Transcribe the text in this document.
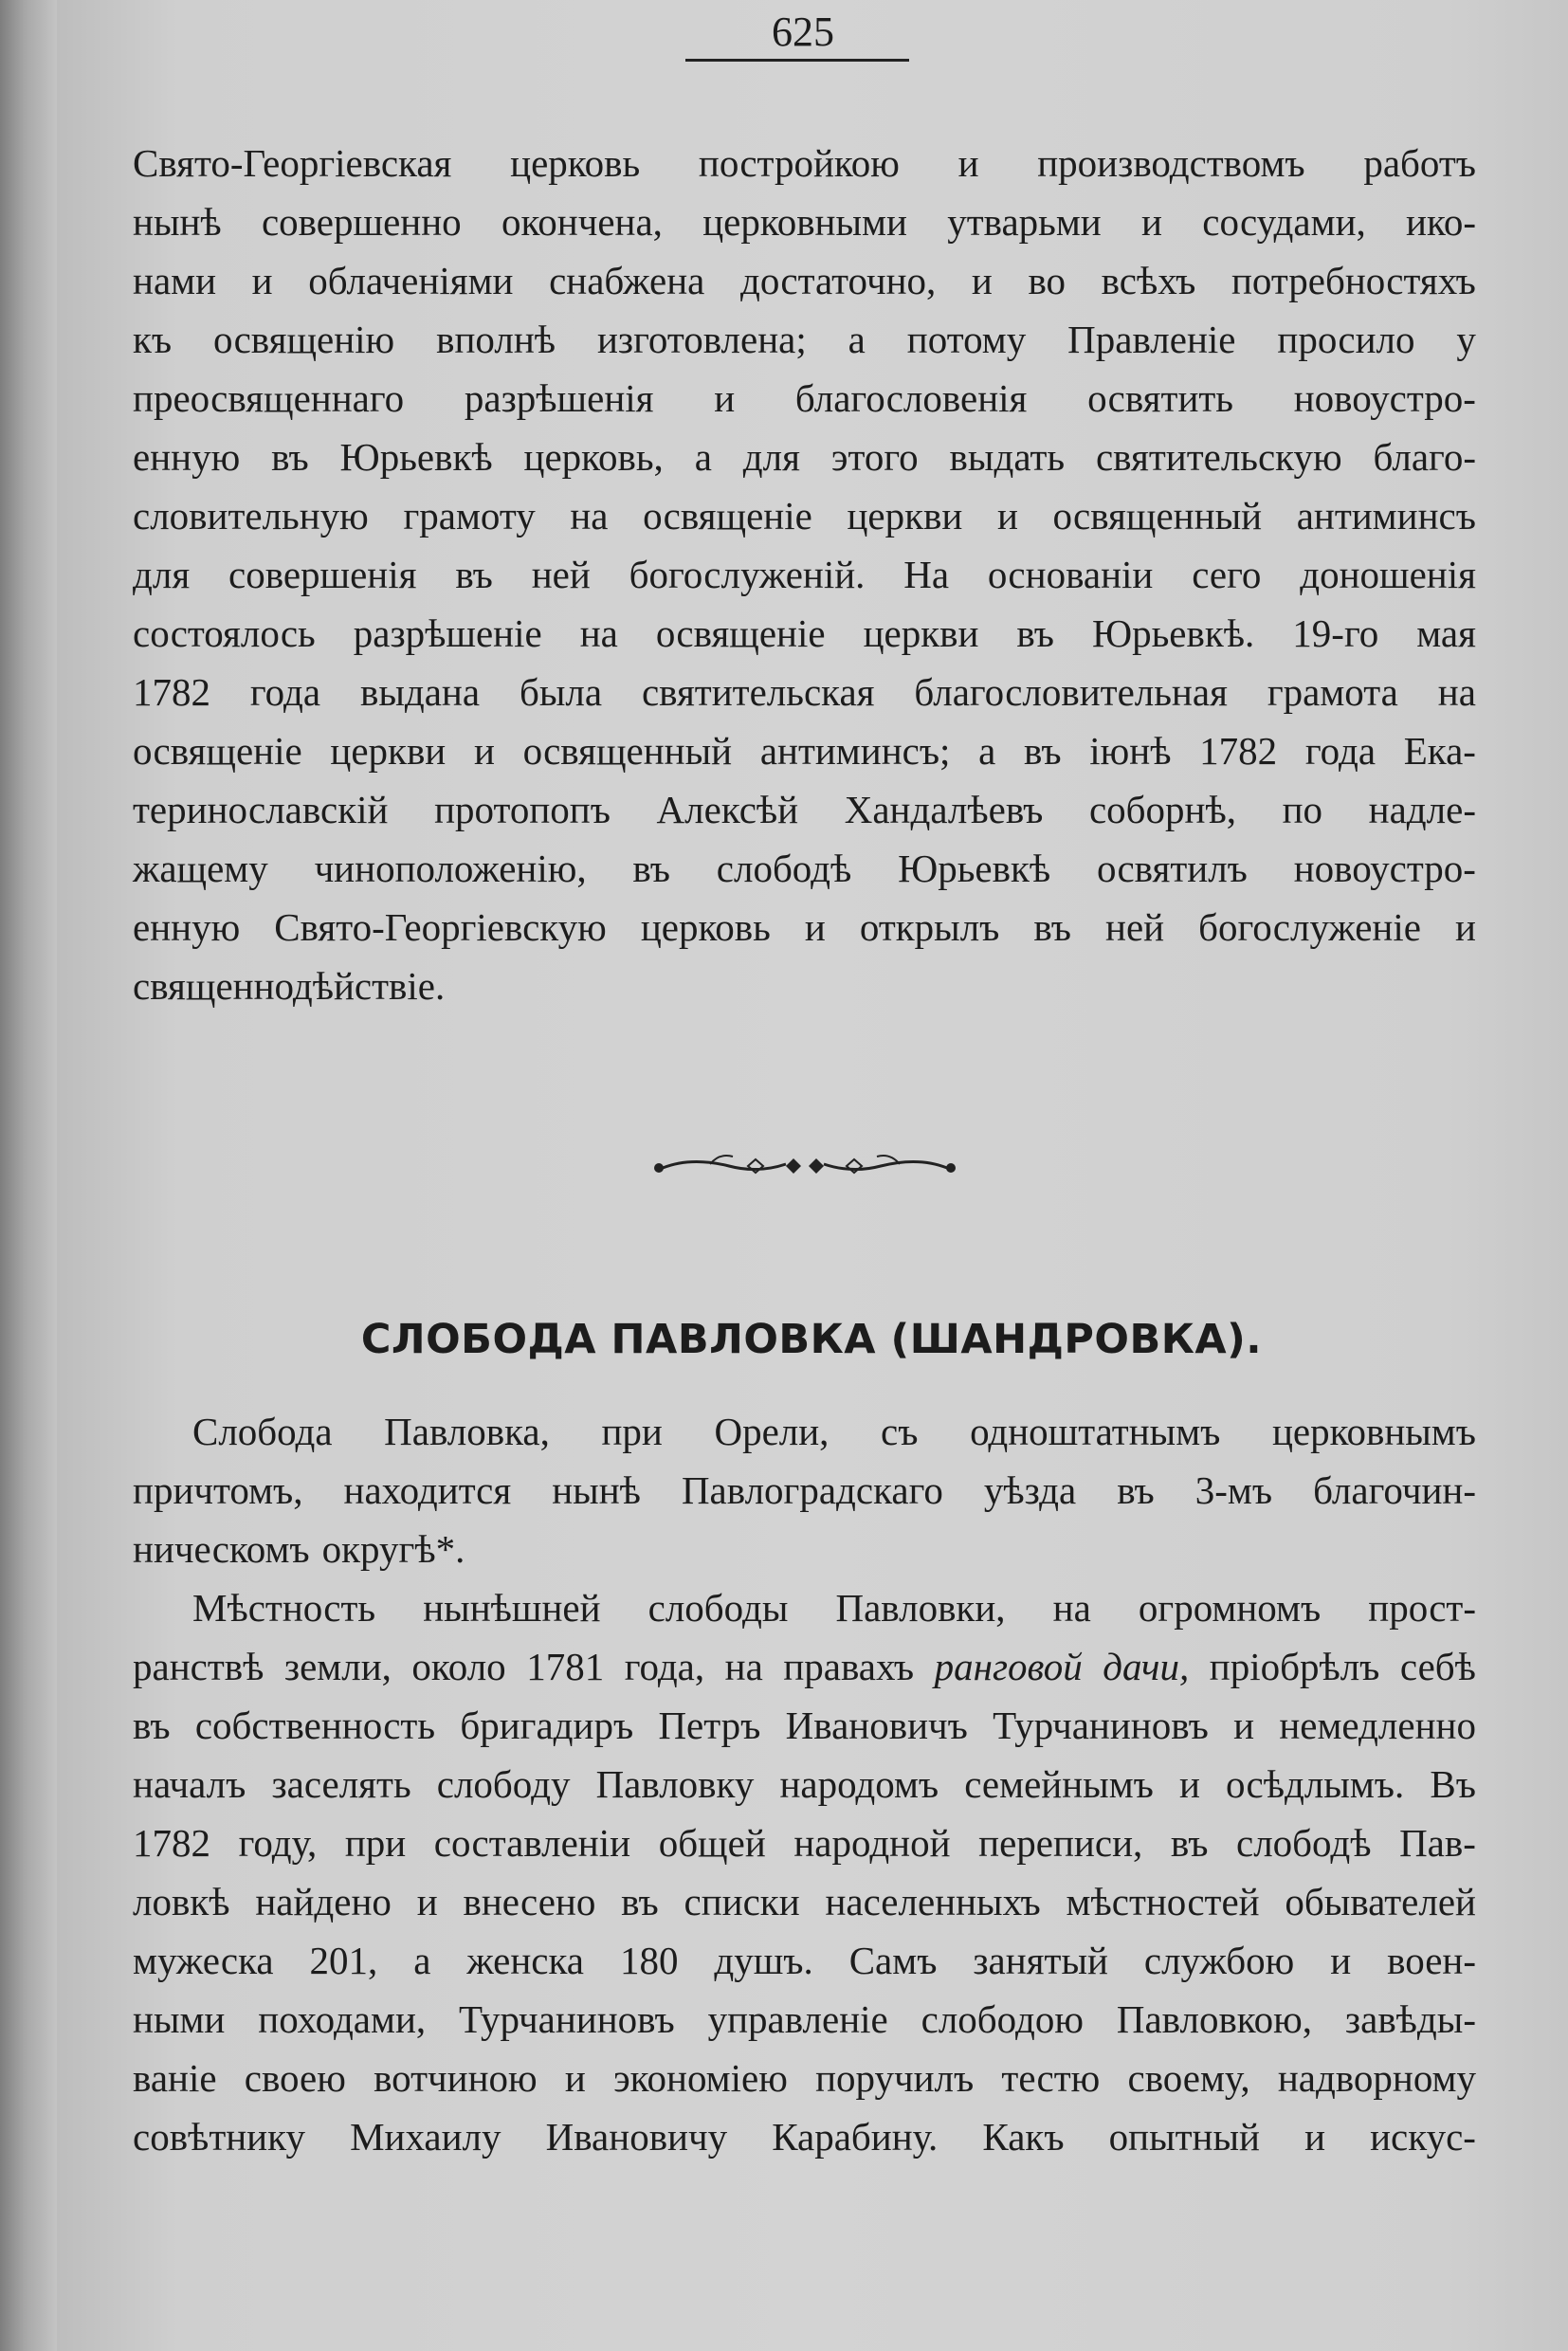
625
Свято-Георгіевская церковь постройкою и производствомъ работъ
нынѣ совершенно окончена, церковными утварьми и сосудами, ико-
нами и облаченіями снабжена достаточно, и во всѣхъ потребностяхъ
къ освященію вполнѣ изготовлена; а потому Правленіе просило у
преосвященнаго разрѣшенія и благословенія освятить новоустро-
енную въ Юрьевкѣ церковь, а для этого выдать святительскую благо-
словительную грамоту на освященіе церкви и освященный антиминсъ
для совершенія въ ней богослуженій. На основаніи сего доношенія
состоялось разрѣшеніе на освященіе церкви въ Юрьевкѣ. 19-го мая
1782 года выдана была святительская благословительная грамота на
освященіе церкви и освященный антиминсъ; а въ іюнѣ 1782 года Ека-
теринославскій протопопъ Алексѣй Хандалѣевъ соборнѣ, по надле-
жащему чиноположенію, въ слободѣ Юрьевкѣ освятилъ новоустро-
енную Свято-Георгіевскую церковь и открылъ въ ней богослуженіе и
священнодѣйствіе.
СЛОБОДА ПАВЛОВКА (ШАНДРОВКА).
Слобода Павловка, при Орели, съ одноштатнымъ церковнымъ
причтомъ, находится нынѣ Павлоградскаго уѣзда въ 3-мъ благочин-
ническомъ округѣ*.
Мѣстность нынѣшней слободы Павловки, на огромномъ прост-
ранствѣ земли, около 1781 года, на правахъ ранговой дачи, пріобрѣлъ себѣ
въ собственность бригадиръ Петръ Ивановичъ Турчаниновъ и немедленно
началъ заселять слободу Павловку народомъ семейнымъ и осѣдлымъ. Въ
1782 году, при составленіи общей народной переписи, въ слободѣ Пав-
ловкѣ найдено и внесено въ списки населенныхъ мѣстностей обывателей
мужеска 201, а женска 180 душъ. Самъ занятый службою и воен-
ными походами, Турчаниновъ управленіе слободою Павловкою, завѣды-
ваніе своею вотчиною и экономіею поручилъ тестю своему, надворному
совѣтнику Михаилу Ивановичу Карабину. Какъ опытный и искус-
